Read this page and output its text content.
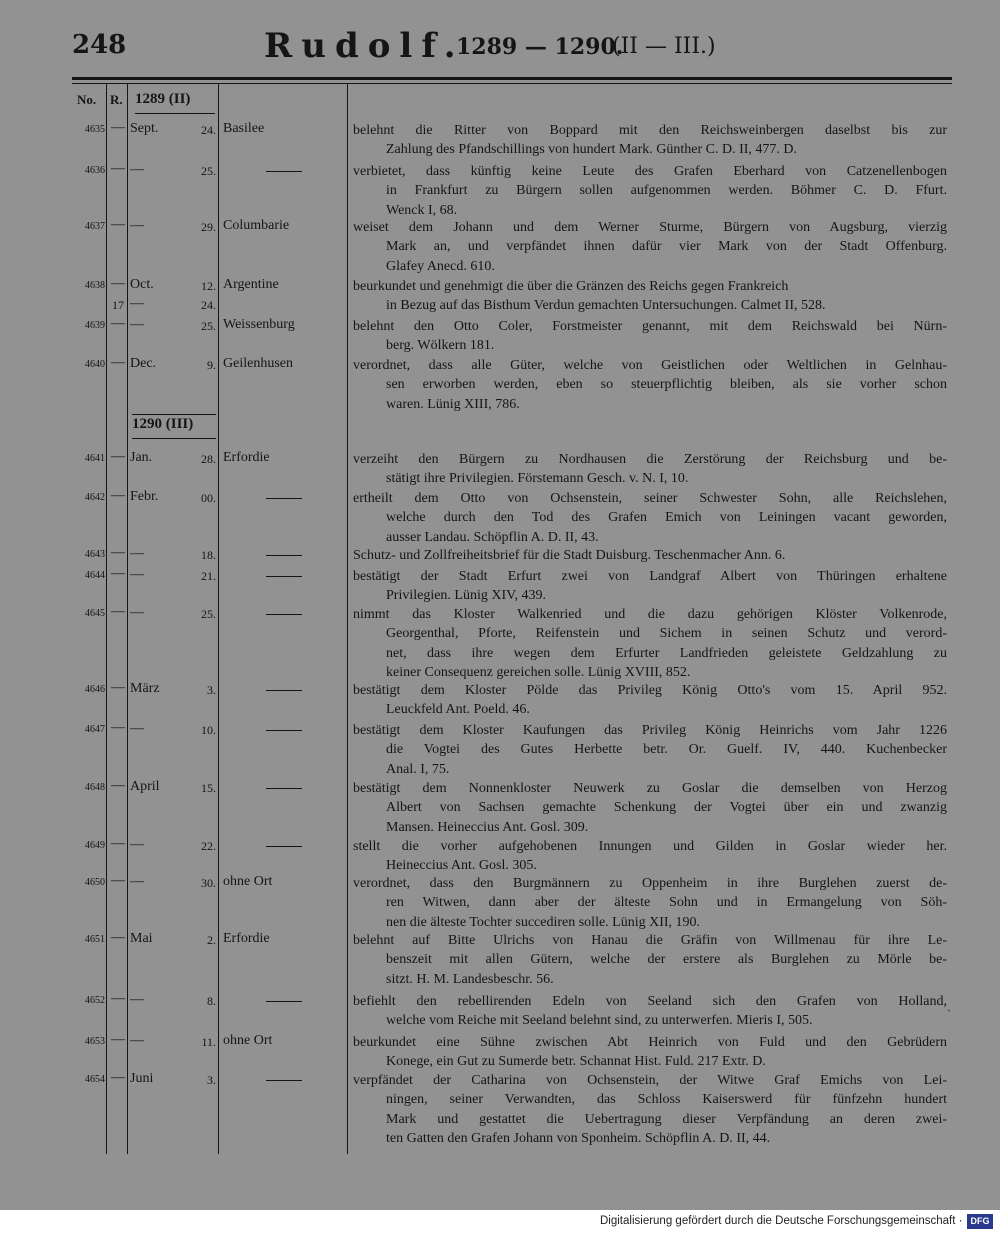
248	Rudolf.
1289 — 1290.
(II — III.)
No. R. 1289 (II)
1290 (III)
4635 — Sept.	24. Basilee	belehnt die Ritter von Boppard mit den Reichsweinbergen daselbst bis zur
Zahlung des Pfandschillings von hundert Mark. Günther C. D. II, 477. D.
4636 — —	25.	verbietet, dass künftig keine Leute des Grafen Eberhard von Catzenellenbogen
in Frankfurt zu Bürgern sollen aufgenommen werden. Böhmer C. D. Ffurt.
Wenck I, 68.
4637 — —	29. Columbarie	weiset dem Johann und dem Werner Sturme, Bürgern von Augsburg, vierzig
Mark an, und verpfändet ihnen dafür vier Mark von der Stadt Offenburg.
Glafey Anecd. 610.
4638 — Oct.	12. Argentine	beurkundet und genehmigt die über die Gränzen des Reichs gegen Frankreich
17 —	24.	in Bezug auf das Bisthum Verdun gemachten Untersuchungen. Calmet II, 528.
4639 — —	25. Weissenburg	belehnt den Otto Coler, Forstmeister genannt, mit dem Reichswald bei Nürn-
berg. Wölkern 181.
4640 — Dec.	9. Geilenhusen	verordnet, dass alle Güter, welche von Geistlichen oder Weltlichen in Gelnhau-
sen erworben werden, eben so steuerpflichtig bleiben, als sie vorher schon
waren. Lünig XIII, 786.
4641 — Jan.	28. Erfordie	verzeiht den Bürgern zu Nordhausen die Zerstörung der Reichsburg und be-
stätigt ihre Privilegien. Förstemann Gesch. v. N. I, 10.
4642 — Febr.	00.	ertheilt dem Otto von Ochsenstein, seiner Schwester Sohn, alle Reichslehen,
welche durch den Tod des Grafen Emich von Leiningen vacant geworden,
ausser Landau. Schöpflin A. D. II, 43.
4643 — —	18.	Schutz- und Zollfreiheitsbrief für die Stadt Duisburg. Teschenmacher Ann. 6.
4644 — —	21.	bestätigt der Stadt Erfurt zwei von Landgraf Albert von Thüringen erhaltene
Privilegien. Lünig XIV, 439.
4645 — —	25.	nimmt das Kloster Walkenried und die dazu gehörigen Klöster Volkenrode,
Georgenthal, Pforte, Reifenstein und Sichem in seinen Schutz und verord-
net, dass ihre wegen dem Erfurter Landfrieden geleistete Geldzahlung zu
keiner Consequenz gereichen solle. Lünig XVIII, 852.
4646 — März	3.	bestätigt dem Kloster Pölde das Privileg König Otto's vom 15. April 952.
Leuckfeld Ant. Poeld. 46.
4647 — —	10.	bestätigt dem Kloster Kaufungen das Privileg König Heinrichs vom Jahr 1226
die Vogtei des Gutes Herbette betr. Or. Guelf. IV, 440. Kuchenbecker
Anal. I, 75.
4648 — April	15.	bestätigt dem Nonnenkloster Neuwerk zu Goslar die demselben von Herzog
Albert von Sachsen gemachte Schenkung der Vogtei über ein und zwanzig
Mansen. Heineccius Ant. Gosl. 309.
4649 — —	22.	stellt die vorher aufgehobenen Innungen und Gilden in Goslar wieder her.
Heineccius Ant. Gosl. 305.
4650 — —	30. ohne Ort	verordnet, dass den Burgmännern zu Oppenheim in ihre Burglehen zuerst de-
ren Witwen, dann aber der älteste Sohn und in Ermangelung von Söh-
nen die älteste Tochter succediren solle. Lünig XII, 190.
4651 — Mai	2. Erfordie	belehnt auf Bitte Ulrichs von Hanau die Gräfin von Willmenau für ihre Le-
benszeit mit allen Gütern, welche der erstere als Burglehen zu Mörle be-
sitzt. H. M. Landesbeschr. 56.
4652 — —	8.	befiehlt den rebellirenden Edeln von Seeland sich den Grafen von Holland,
welche vom Reiche mit Seeland belehnt sind, zu unterwerfen. Mieris I, 505.
4653 — —	11. ohne Ort	beurkundet eine Sühne zwischen Abt Heinrich von Fuld und den Gebrüdern
Konege, ein Gut zu Sumerde betr. Schannat Hist. Fuld. 217 Extr. D.
4654 — Juni	3.	verpfändet der Catharina von Ochsenstein, der Witwe Graf Emichs von Lei-
ningen, seiner Verwandten, das Schloss Kaiserswerd für fünfzehn hundert
Mark und gestattet die Uebertragung dieser Verpfändung an deren zwei-
ten Gatten den Grafen Johann von Sponheim. Schöpflin A. D. II, 44.
ˎ
Digitalisierung gefördert durch die Deutsche Forschungsgemeinschaft · DFG
